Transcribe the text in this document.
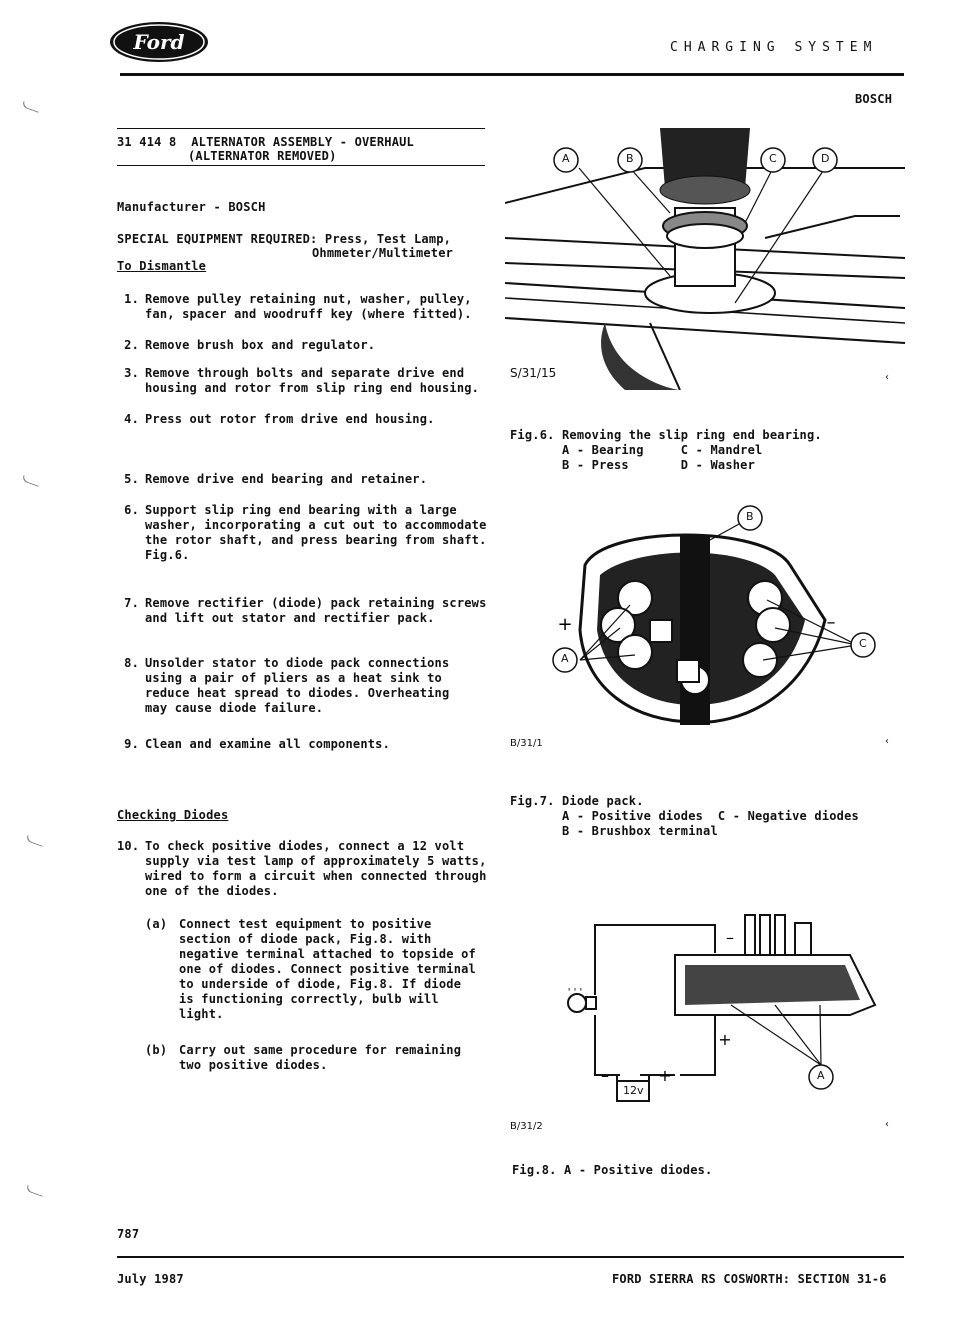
Ford	CHARGING SYSTEM
BOSCH
31 414 8  ALTERNATOR ASSEMBLY - OVERHAUL
(ALTERNATOR REMOVED)
Manufacturer - BOSCH
SPECIAL EQUIPMENT REQUIRED: Press, Test Lamp,
Ohmmeter/Multimeter
To Dismantle
1. Remove pulley retaining nut, washer, pulley,
fan, spacer and woodruff key (where fitted).
2. Remove brush box and regulator.
3. Remove through bolts and separate drive end
housing and rotor from slip ring end housing.
4. Press out rotor from drive end housing.
5. Remove drive end bearing and retainer.
6. Support slip ring end bearing with a large
washer, incorporating a cut out to accommodate
the rotor shaft, and press bearing from shaft.
Fig.6.
7. Remove rectifier (diode) pack retaining screws
and lift out stator and rectifier pack.
8. Unsolder stator to diode pack connections
using a pair of pliers as a heat sink to
reduce heat spread to diodes. Overheating
may cause diode failure.
9. Clean and examine all components.
Checking Diodes
10. To check positive diodes, connect a 12 volt
supply via test lamp of approximately 5 watts,
wired to form a circuit when connected through
one of the diodes.
(a) Connect test equipment to positive
section of diode pack, Fig.8. with
negative terminal attached to topside of
one of diodes. Connect positive terminal
to underside of diode, Fig.8. If diode
is functioning correctly, bulb will
light.
(b) Carry out same procedure for remaining
two positive diodes.
A	B	C	D
S/31/15	‹
Fig.6. Removing the slip ring end bearing.
A - Bearing     C - Mandrel
B - Press       D - Washer
+	–
A
B
C
B/31/1	‹
Fig.7. Diode pack.
A - Positive diodes  C - Negative diodes
B - Brushbox terminal
' ' '
–
+
–	+
12v
A
B/31/2	‹
Fig.8. A - Positive diodes.
787
July 1987	FORD SIERRA RS COSWORTH: SECTION 31-6
